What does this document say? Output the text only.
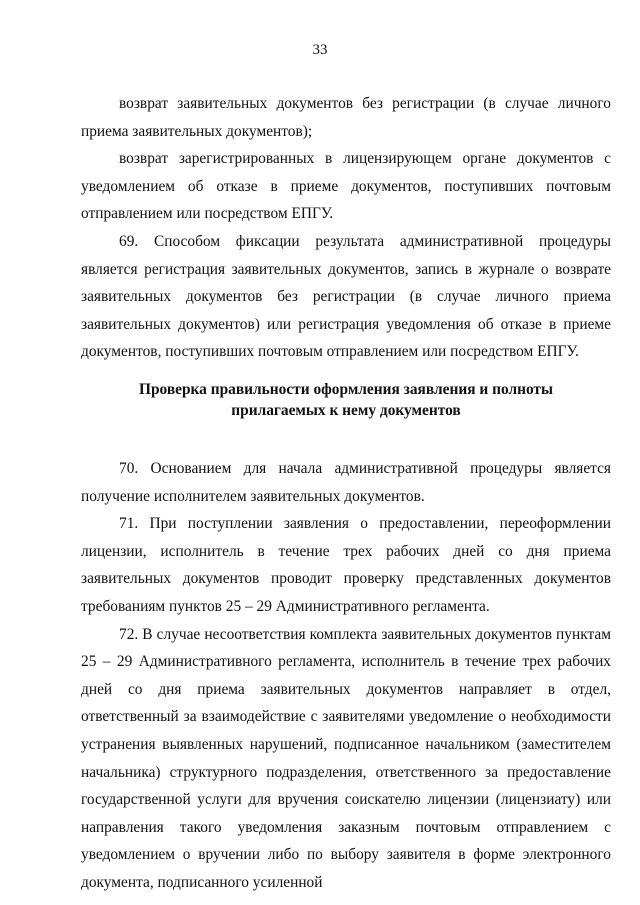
33

возврат заявительных документов без регистрации (в случае личного приема заявительных документов);

возврат зарегистрированных в лицензирующем органе документов с уведомлением об отказе в приеме документов, поступивших почтовым отправлением или посредством ЕПГУ.

69. Способом фиксации результата административной процедуры является регистрация заявительных документов, запись в журнале о возврате заявительных документов без регистрации (в случае личного приема заявительных документов) или регистрация уведомления об отказе в приеме документов, поступивших почтовым отправлением или посредством ЕПГУ.

Проверка правильности оформления заявления и полноты
прилагаемых к нему документов

70. Основанием для начала административной процедуры является получение исполнителем заявительных документов.

71. При поступлении заявления о предоставлении, переоформлении лицензии, исполнитель в течение трех рабочих дней со дня приема заявительных документов проводит проверку представленных документов требованиям пунктов 25 – 29 Административного регламента.

72. В случае несоответствия комплекта заявительных документов пунктам 25 – 29 Административного регламента, исполнитель в течение трех рабочих дней со дня приема заявительных документов направляет в отдел, ответственный за взаимодействие с заявителями уведомление о необходимости устранения выявленных нарушений, подписанное начальником (заместителем начальника) структурного подразделения, ответственного за предоставление государственной услуги для вручения соискателю лицензии (лицензиату) или направления такого уведомления заказным почтовым отправлением с уведомлением о вручении либо по выбору заявителя в форме электронного документа, подписанного усиленной
